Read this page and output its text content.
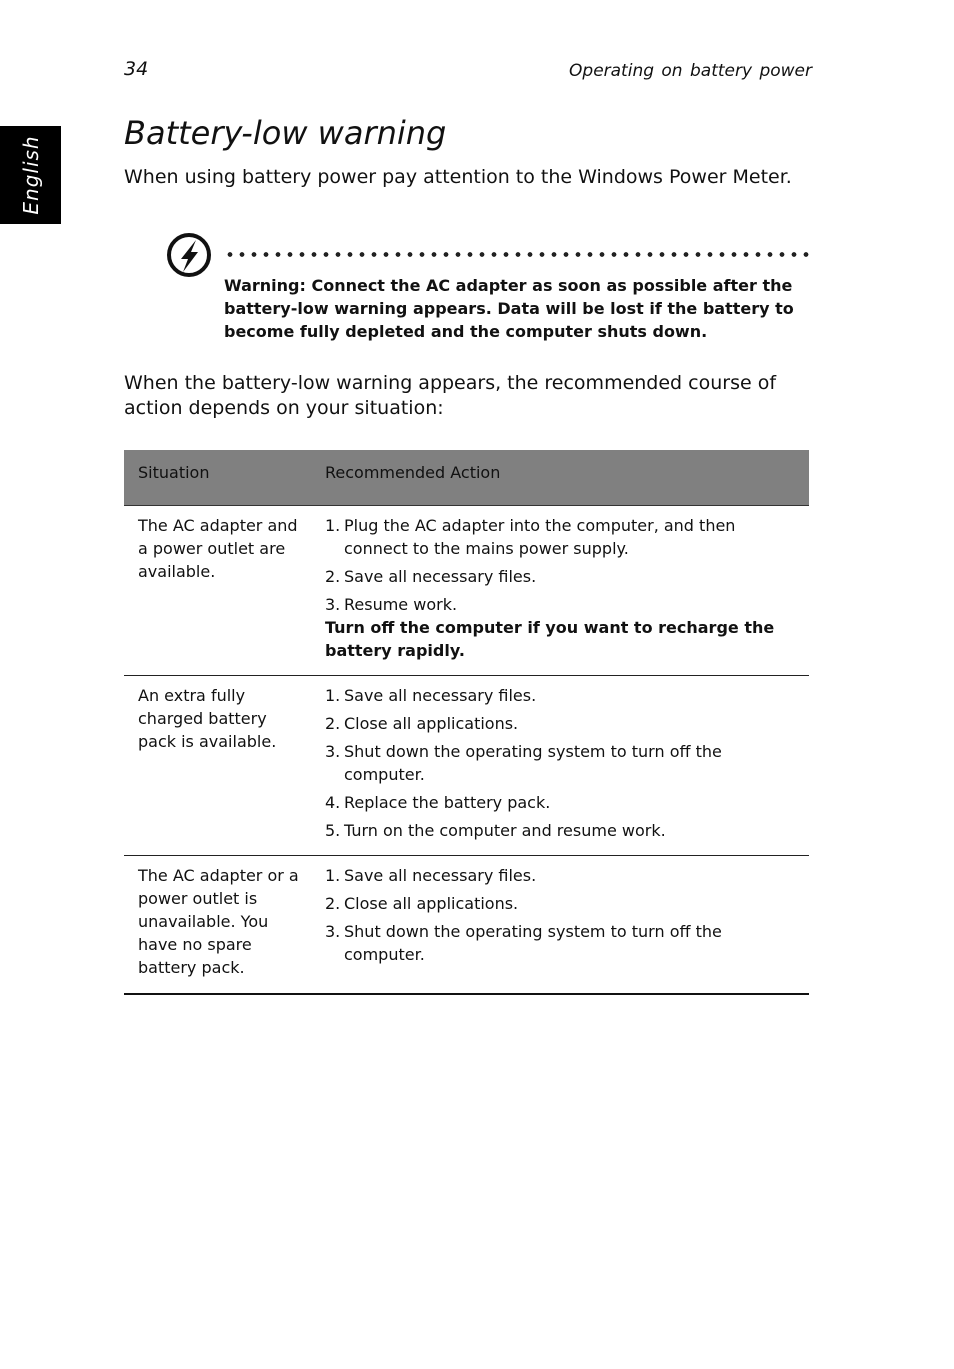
34	Operating on battery power
English
Battery-low warning

When using battery power pay attention to the Windows Power Meter.

Warning: Connect the AC adapter as soon as possible after the battery-low warning appears. Data will be lost if the battery to become fully depleted and the computer shuts down.

When the battery-low warning appears, the recommended course of action depends on your situation:

Situation	Recommended Action
The AC adapter and a power outlet are available.
1. Plug the AC adapter into the computer, and then connect to the mains power supply.
2. Save all necessary files.
3. Resume work.
Turn off the computer if you want to recharge the battery rapidly.
An extra fully charged battery pack is available.
1. Save all necessary files.
2. Close all applications.
3. Shut down the operating system to turn off the computer.
4. Replace the battery pack.
5. Turn on the computer and resume work.
The AC adapter or a power outlet is unavailable. You have no spare battery pack.
1. Save all necessary files.
2. Close all applications.
3. Shut down the operating system to turn off the computer.
